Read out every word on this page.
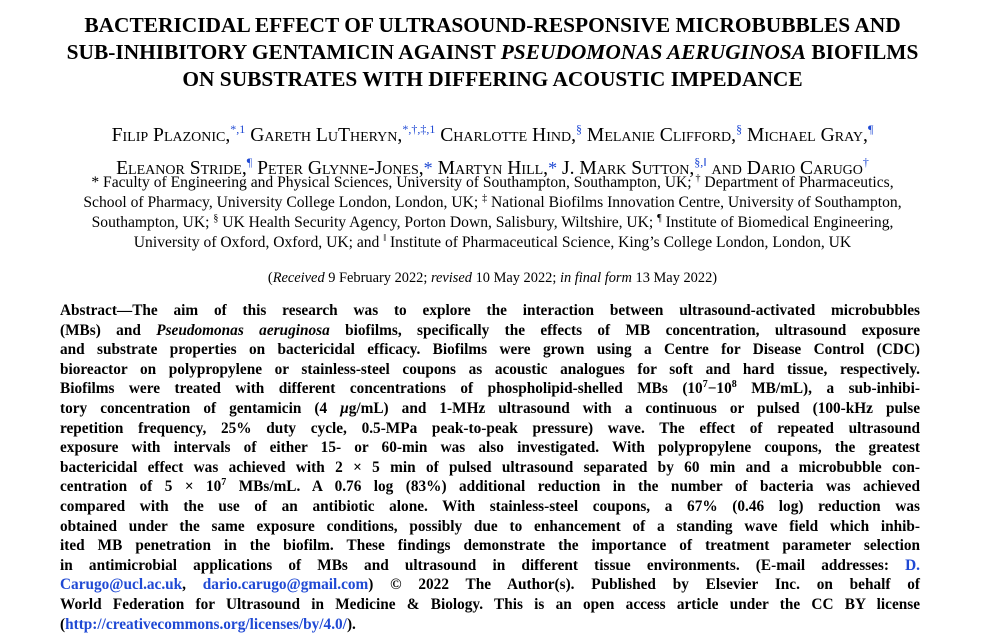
BACTERICIDAL EFFECT OF ULTRASOUND-RESPONSIVE MICROBUBBLES AND
SUB-INHIBITORY GENTAMICIN AGAINST PSEUDOMONAS AERUGINOSA BIOFILMS
ON SUBSTRATES WITH DIFFERING ACOUSTIC IMPEDANCE
Filip Plazonic,$^{*,1}$ Gareth LuTheryn,$^{*,\dagger,\ddagger,1}$ Charlotte Hind,§ Melanie Clifford,§ Michael Gray,¶
Eleanor Stride,¶ Peter Glynne-Jones,* Martyn Hill,* J. Mark Sutton,§,‖ and Dario Carugo†
* Faculty of Engineering and Physical Sciences, University of Southampton, Southampton, UK; † Department of Pharmaceutics,
School of Pharmacy, University College London, London, UK; ‡ National Biofilms Innovation Centre, University of Southampton,
Southampton, UK; § UK Health Security Agency, Porton Down, Salisbury, Wiltshire, UK; ¶ Institute of Biomedical Engineering,
University of Oxford, Oxford, UK; and ‖ Institute of Pharmaceutical Science, King’s College London, London, UK
(Received 9 February 2022; revised 10 May 2022; in final form 13 May 2022)
Abstract—The aim of this research was to explore the interaction between ultrasound-activated microbubbles
(MBs) and Pseudomonas aeruginosa biofilms, specifically the effects of MB concentration, ultrasound exposure
and substrate properties on bactericidal efficacy. Biofilms were grown using a Centre for Disease Control (CDC)
bioreactor on polypropylene or stainless-steel coupons as acoustic analogues for soft and hard tissue, respectively.
Biofilms were treated with different concentrations of phospholipid-shelled MBs ($10^7-10^8$ MB/mL), a sub-inhibi-
tory concentration of gentamicin (4 μg/mL) and 1-MHz ultrasound with a continuous or pulsed (100-kHz pulse
repetition frequency, 25% duty cycle, 0.5-MPa peak-to-peak pressure) wave. The effect of repeated ultrasound
exposure with intervals of either 15- or 60-min was also investigated. With polypropylene coupons, the greatest
bactericidal effect was achieved with 2 × 5 min of pulsed ultrasound separated by 60 min and a microbubble con-
centration of $5 \times 10^7$ MBs/mL. A 0.76 log (83%) additional reduction in the number of bacteria was achieved
compared with the use of an antibiotic alone. With stainless-steel coupons, a 67% (0.46 log) reduction was
obtained under the same exposure conditions, possibly due to enhancement of a standing wave field which inhib-
ited MB penetration in the biofilm. These findings demonstrate the importance of treatment parameter selection
in antimicrobial applications of MBs and ultrasound in different tissue environments. (E-mail addresses: D.
Carugo@ucl.ac.uk, dario.carugo@gmail.com) © 2022 The Author(s). Published by Elsevier Inc. on behalf of
World Federation for Ultrasound in Medicine & Biology. This is an open access article under the CC BY license
(http://creativecommons.org/licenses/by/4.0/).
